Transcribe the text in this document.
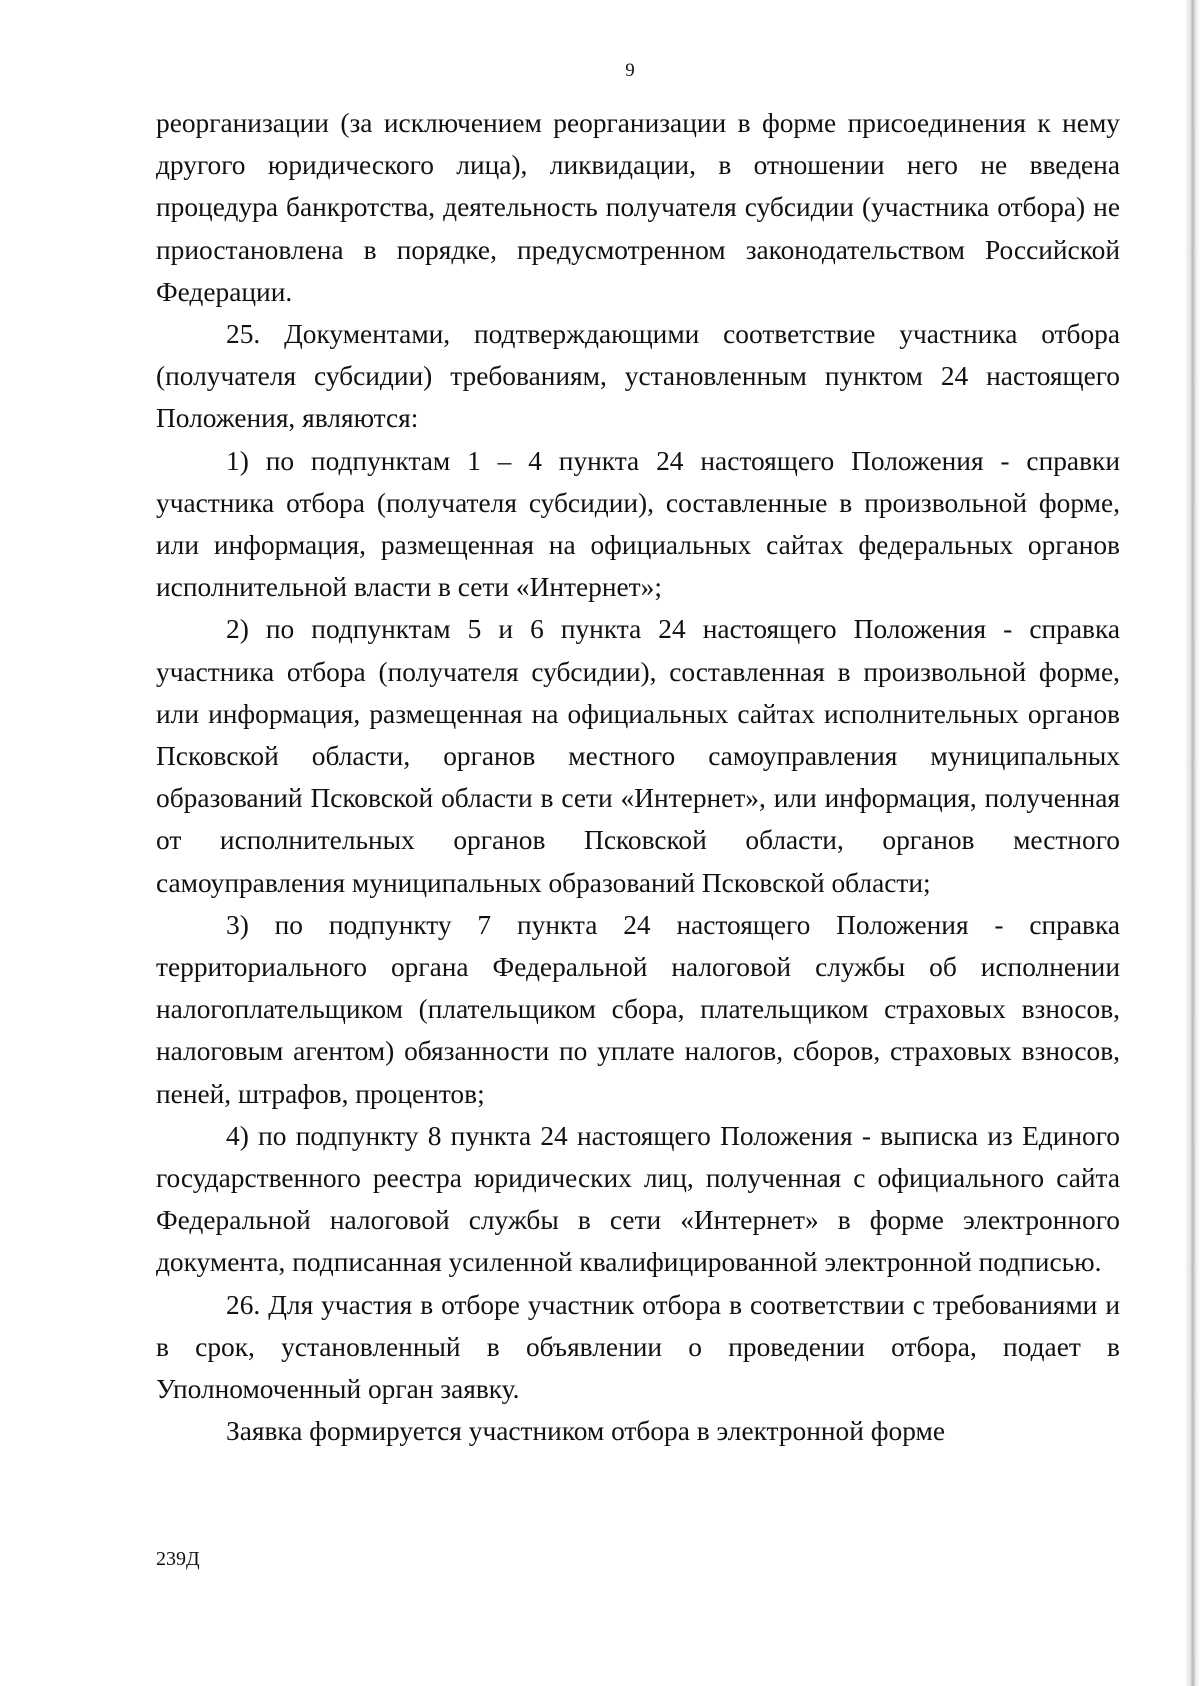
9

реорганизации (за исключением реорганизации в форме присоединения к нему другого юридического лица), ликвидации, в отношении него не введена процедура банкротства, деятельность получателя субсидии (участника отбора) не приостановлена в порядке, предусмотренном законодательством Российской Федерации.

25. Документами, подтверждающими соответствие участника отбора (получателя субсидии) требованиям, установленным пунктом 24 настоящего Положения, являются:

1) по подпунктам 1 – 4 пункта 24 настоящего Положения - справки участника отбора (получателя субсидии), составленные в произвольной форме, или информация, размещенная на официальных сайтах федеральных органов исполнительной власти в сети «Интернет»;

2) по подпунктам 5 и 6 пункта 24 настоящего Положения - справка участника отбора (получателя субсидии), составленная в произвольной форме, или информация, размещенная на официальных сайтах исполнительных органов Псковской области, органов местного самоуправления муниципальных образований Псковской области в сети «Интернет», или информация, полученная от исполнительных органов Псковской области, органов местного самоуправления муниципальных образований Псковской области;

3) по подпункту 7 пункта 24 настоящего Положения - справка территориального органа Федеральной налоговой службы об исполнении налогоплательщиком (плательщиком сбора, плательщиком страховых взносов, налоговым агентом) обязанности по уплате налогов, сборов, страховых взносов, пеней, штрафов, процентов;

4) по подпункту 8 пункта 24 настоящего Положения - выписка из Единого государственного реестра юридических лиц, полученная с официального сайта Федеральной налоговой службы в сети «Интернет» в форме электронного документа, подписанная усиленной квалифицированной электронной подписью.

26. Для участия в отборе участник отбора в соответствии с требованиями и в срок, установленный в объявлении о проведении отбора, подает в Уполномоченный орган заявку.

Заявка формируется участником отбора в электронной форме

239Д
